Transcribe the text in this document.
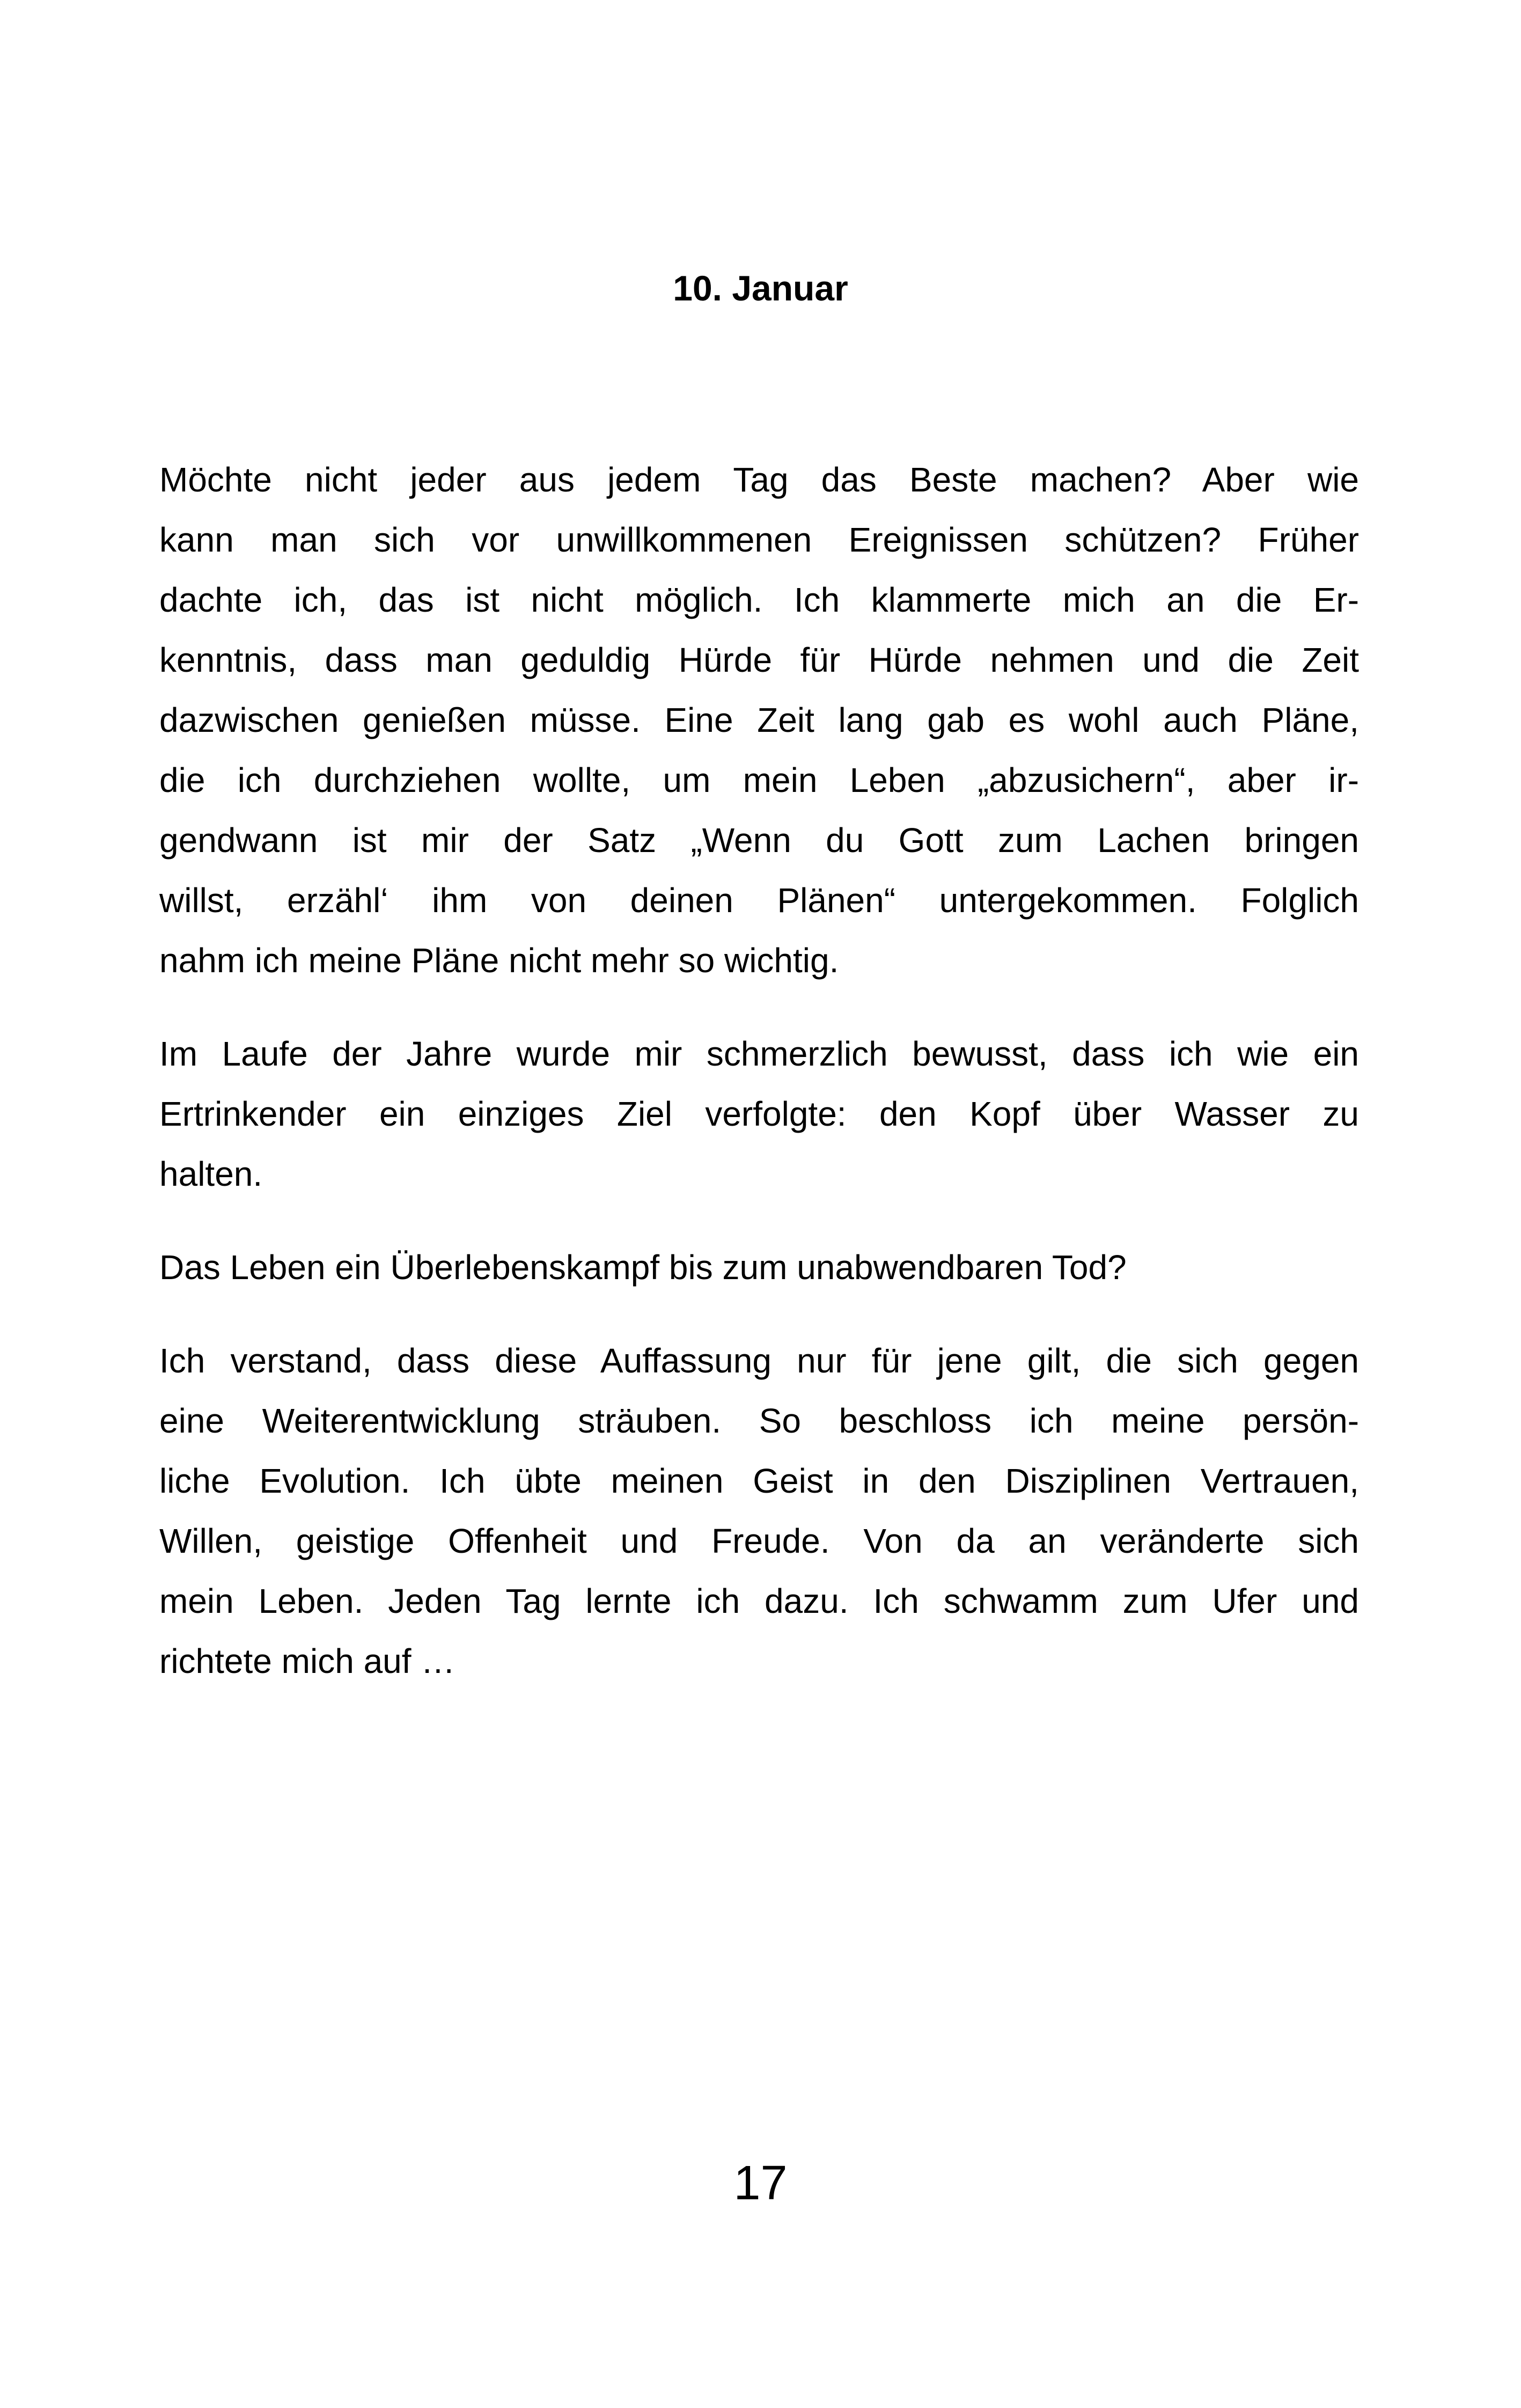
10. Januar
Möchte nicht jeder aus jedem Tag das Beste machen? Aber wie
kann man sich vor unwillkommenen Ereignissen schützen? Früher
dachte ich, das ist nicht möglich. Ich klammerte mich an die Er-
kenntnis, dass man geduldig Hürde für Hürde nehmen und die Zeit
dazwischen genießen müsse. Eine Zeit lang gab es wohl auch Pläne,
die ich durchziehen wollte, um mein Leben „abzusichern“, aber ir-
gendwann ist mir der Satz „Wenn du Gott zum Lachen bringen
willst, erzähl‘ ihm von deinen Plänen“ untergekommen. Folglich
nahm ich meine Pläne nicht mehr so wichtig.
Im Laufe der Jahre wurde mir schmerzlich bewusst, dass ich wie ein
Ertrinkender ein einziges Ziel verfolgte: den Kopf über Wasser zu
halten.
Das Leben ein Überlebenskampf bis zum unabwendbaren Tod?
Ich verstand, dass diese Auffassung nur für jene gilt, die sich gegen
eine Weiterentwicklung sträuben. So beschloss ich meine persön-
liche Evolution. Ich übte meinen Geist in den Disziplinen Vertrauen,
Willen, geistige Offenheit und Freude. Von da an veränderte sich
mein Leben. Jeden Tag lernte ich dazu. Ich schwamm zum Ufer und
richtete mich auf …
17
